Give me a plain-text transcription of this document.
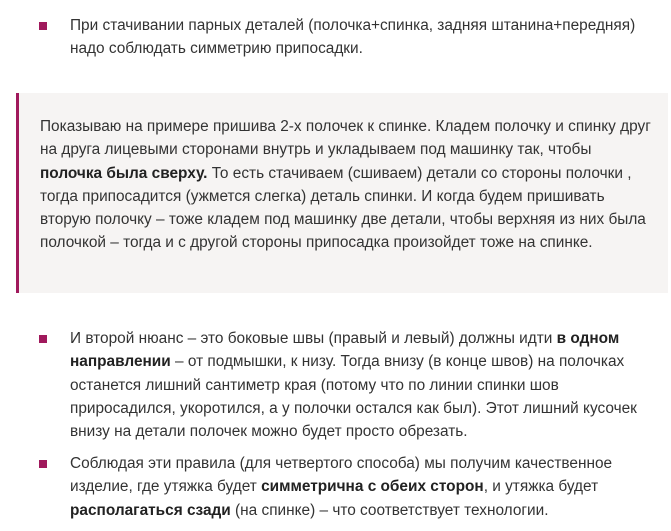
При стачивании парных деталей (полочка+спинка, задняя штанина+передняя) надо соблюдать симметрию припосадки.

Показываю на примере пришива 2-х полочек к спинке. Кладем полочку и спинку друг на друга лицевыми сторонами внутрь и укладываем под машинку так, чтобы полочка была сверху. То есть стачиваем (сшиваем) детали со стороны полочки , тогда припосадится (ужмется слегка) деталь спинки. И когда будем пришивать вторую полочку – тоже кладем под машинку две детали, чтобы верхняя из них была полочкой – тогда и с другой стороны припосадка произойдет тоже на спинке.

И второй нюанс – это боковые швы (правый и левый) должны идти в одном направлении – от подмышки, к низу. Тогда внизу (в конце швов) на полочках останется лишний сантиметр края (потому что по линии спинки шов приросадился, укоротился, а у полочки остался как был). Этот лишний кусочек внизу на детали полочек можно будет просто обрезать.

Соблюдая эти правила (для четвертого способа) мы получим качественное изделие, где утяжка будет симметрична с обеих сторон, и утяжка будет располагаться сзади (на спинке) – что соответствует технологии.
